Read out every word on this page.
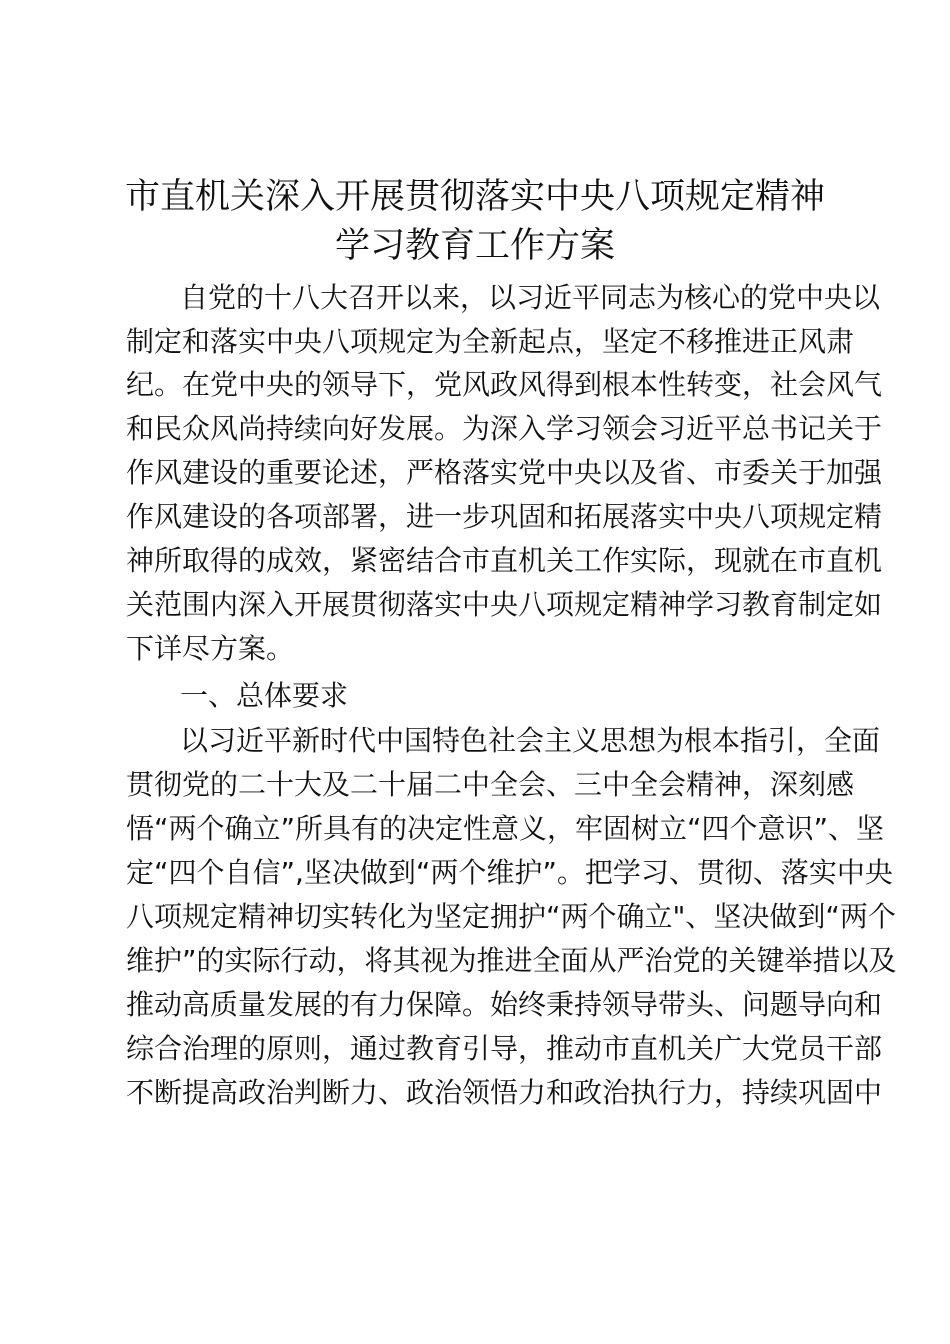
市直机关深入开展贯彻落实中央八项规定精神
学习教育工作方案
自党的十八大召开以来，以习近平同志为核心的党中央以
制定和落实中央八项规定为全新起点，坚定不移推进正风肃
纪。在党中央的领导下，党风政风得到根本性转变，社会风气
和民众风尚持续向好发展。为深入学习领会习近平总书记关于
作风建设的重要论述，严格落实党中央以及省、市委关于加强
作风建设的各项部署，进一步巩固和拓展落实中央八项规定精
神所取得的成效，紧密结合市直机关工作实际，现就在市直机
关范围内深入开展贯彻落实中央八项规定精神学习教育制定如
下详尽方案。
一、总体要求
以习近平新时代中国特色社会主义思想为根本指引，全面
贯彻党的二十大及二十届二中全会、三中全会精神，深刻感
悟“两个确立”所具有的决定性意义，牢固树立“四个意识”、坚
定“四个自信”,坚决做到“两个维护”。把学习、贯彻、落实中央
八项规定精神切实转化为坚定拥护“两个确立"、坚决做到“两个
维护”的实际行动，将其视为推进全面从严治党的关键举措以及
推动高质量发展的有力保障。始终秉持领导带头、问题导向和
综合治理的原则，通过教育引导，推动市直机关广大党员干部
不断提高政治判断力、政治领悟力和政治执行力，持续巩固中
